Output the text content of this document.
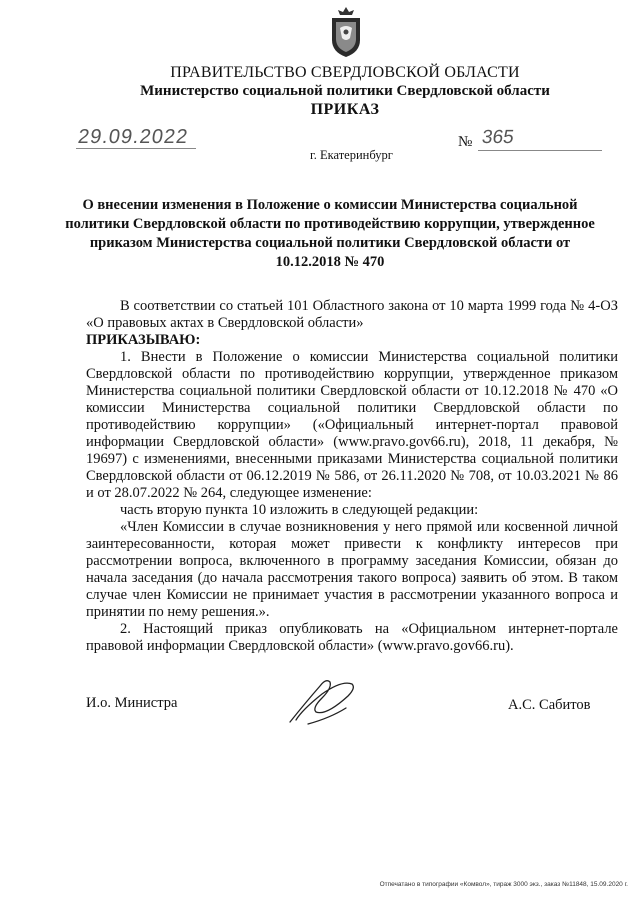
ПРАВИТЕЛЬСТВО СВЕРДЛОВСКОЙ ОБЛАСТИ
Министерство социальной политики Свердловской области
ПРИКАЗ
29.09.2022	№ 365
г. Екатеринбург
О внесении изменения в Положение о комиссии Министерства социальной политики Свердловской области по противодействию коррупции, утвержденное приказом Министерства социальной политики Свердловской области от 10.12.2018 № 470

В соответствии со статьей 101 Областного закона от 10 марта 1999 года № 4-ОЗ «О правовых актах в Свердловской области»

ПРИКАЗЫВАЮ:

1. Внести в Положение о комиссии Министерства социальной политики Свердловской области по противодействию коррупции, утвержденное приказом Министерства социальной политики Свердловской области от 10.12.2018 № 470 «О комиссии Министерства социальной политики Свердловской области по противодействию коррупции» («Официальный интернет-портал правовой информации Свердловской области» (www.pravo.gov66.ru), 2018, 11 декабря, № 19697) с изменениями, внесенными приказами Министерства социальной политики Свердловской области от 06.12.2019 № 586, от 26.11.2020 № 708, от 10.03.2021 № 86 и от 28.07.2022 № 264, следующее изменение:

часть вторую пункта 10 изложить в следующей редакции:

«Член Комиссии в случае возникновения у него прямой или косвенной личной заинтересованности, которая может привести к конфликту интересов при рассмотрении вопроса, включенного в программу заседания Комиссии, обязан до начала заседания (до начала рассмотрения такого вопроса) заявить об этом. В таком случае член Комиссии не принимает участия в рассмотрении указанного вопроса и принятии по нему решения.».

2. Настоящий приказ опубликовать на «Официальном интернет-портале правовой информации Свердловской области» (www.pravo.gov66.ru).

И.о. Министра	А.С. Сабитов
Отпечатано в типографии «Комвол», тираж 3000 экз., заказ №11848, 15.09.2020 г.
